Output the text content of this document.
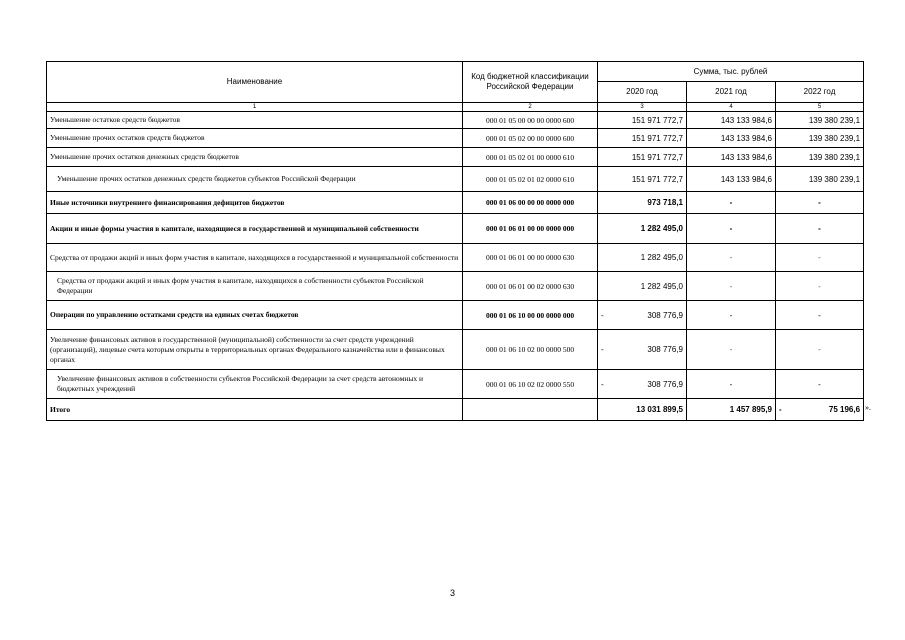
Наименование	Код бюджетной классификации Российской Федерации	Сумма, тыс. рублей		
		2020 год	2021 год	2022 год
1	2	3	4	5
Уменьшение остатков средств бюджетов	000 01 05 00 00 00 0000 600	151 971 772,7	143 133 984,6	139 380 239,1
Уменьшение прочих остатков средств бюджетов	000 01 05 02 00 00 0000 600	151 971 772,7	143 133 984,6	139 380 239,1
Уменьшение прочих остатков денежных средств бюджетов	000 01 05 02 01 00 0000 610	151 971 772,7	143 133 984,6	139 380 239,1
Уменьшение прочих остатков денежных средств бюджетов субъектов Российской Федерации	000 01 05 02 01 02 0000 610	151 971 772,7	143 133 984,6	139 380 239,1
Иные источники внутреннего финансирования дефицитов бюджетов	000 01 06 00 00 00 0000 000	973 718,1	-	-
Акции и иные формы участия в капитале, находящиеся в государственной и муниципальной собственности	000 01 06 01 00 00 0000 000	1 282 495,0	-	-
Средства от продажи акций и иных форм участия в капитале, находящихся в государственной и муниципальной собственности	000 01 06 01 00 00 0000 630	1 282 495,0	-	-
Средства от продажи акций и иных форм участия в капитале, находящихся в собственности субъектов Российской Федерации	000 01 06 01 00 02 0000 630	1 282 495,0	-	-
Операции по управлению остатками средств на единых счетах бюджетов	000 01 06 10 00 00 0000 000	- 308 776,9	-	-
Увеличение финансовых активов в государственной (муниципальной) собственности за счет средств учреждений (организаций), лицевые счета которым открыты в территориальных органах Федерального казначейства или в финансовых органах	000 01 06 10 02 00 0000 500	- 308 776,9	-	-
Увеличение финансовых активов в собственности субъектов Российской Федерации за счет средств автономных и бюджетных учреждений	000 01 06 10 02 02 0000 550	- 308 776,9	-	-
Итого		13 031 899,5	1 457 895,9	- 75 196,6 ».
3
